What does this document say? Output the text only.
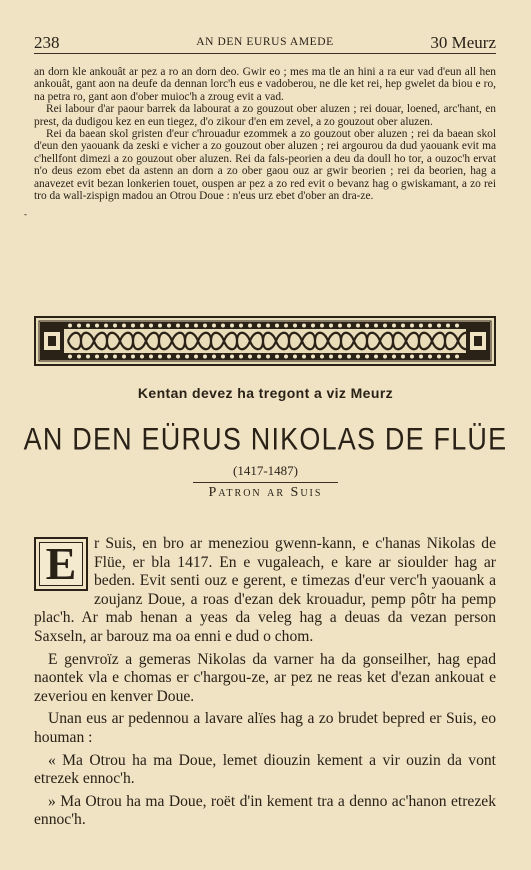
238	AN DEN EURUS AMEDE	30 Meurz
‐

an dorn kle ankouât ar pez a ro an dorn deo. Gwir eo ; mes ma tle an hini a ra eur vad d'eun all hen ankouât, gant aon na deufe da dennan lorc'h eus e vadoberou, ne dle ket rei, hep gwelet da biou e ro, na petra ro, gant aon d'ober muioc'h a zroug evit a vad.

Rei labour d'ar paour barrek da labourat a zo gouzout ober aluzen ; rei douar, loened, arc'hant, en prest, da dudigou kez en eun tiegez, d'o zikour d'en em zevel, a zo gouzout ober aluzen.

Rei da baean skol gristen d'eur c'hrouadur ezommek a zo gouzout ober aluzen ; rei da baean skol d'eun den yaouank da zeski e vicher a zo gouzout ober aluzen ; rei argourou da dud yaouank evit ma c'hellfont dimezi a zo gouzout ober aluzen. Rei da fals-peorien a deu da doull ho tor, a ouzoc'h ervat n'o deus ezom ebet da astenn an dorn a zo ober gaou ouz ar gwir beorien ; rei da beorien, hag a anavezet evit bezan lonkerien touet, ouspen ar pez a zo red evit o bevanz hag o gwiskamant, a zo rei tro da wall-zispign madou an Otrou Doue : n'eus urz ebet d'ober an dra-ze.

Kentan devez ha tregont a viz Meurz
AN DEN EÜRUS NIKOLAS DE FLÜE
(1417-1487)
Patron ar Suis

E	r Suis, en bro ar meneziou gwenn-kann, e c'hanas Nikolas de Flüe, er bla 1417. En e vugaleach, e kare ar sioulder hag ar beden. Evit senti ouz e gerent, e timezas d'eur verc'h yaouank a zoujanz Doue, a roas d'ezan dek krouadur, pemp pôtr ha pemp plac'h. Ar mab henan a yeas da veleg hag a deuas da vezan person Saxseln, ar barouz ma oa enni e dud o chom.

E genvroïz a gemeras Nikolas da varner ha da gonseilher, hag epad naontek vla e chomas er c'hargou-ze, ar pez ne reas ket d'ezan ankouat e zeveriou en kenver Doue.

Unan eus ar pedennou a lavare alïes hag a zo brudet bepred er Suis, eo houman :

« Ma Otrou ha ma Doue, lemet diouzin kement a vir ouzin da vont etrezek ennoc'h.

» Ma Otrou ha ma Doue, roët d'in kement tra a denno ac'hanon etrezek ennoc'h.
